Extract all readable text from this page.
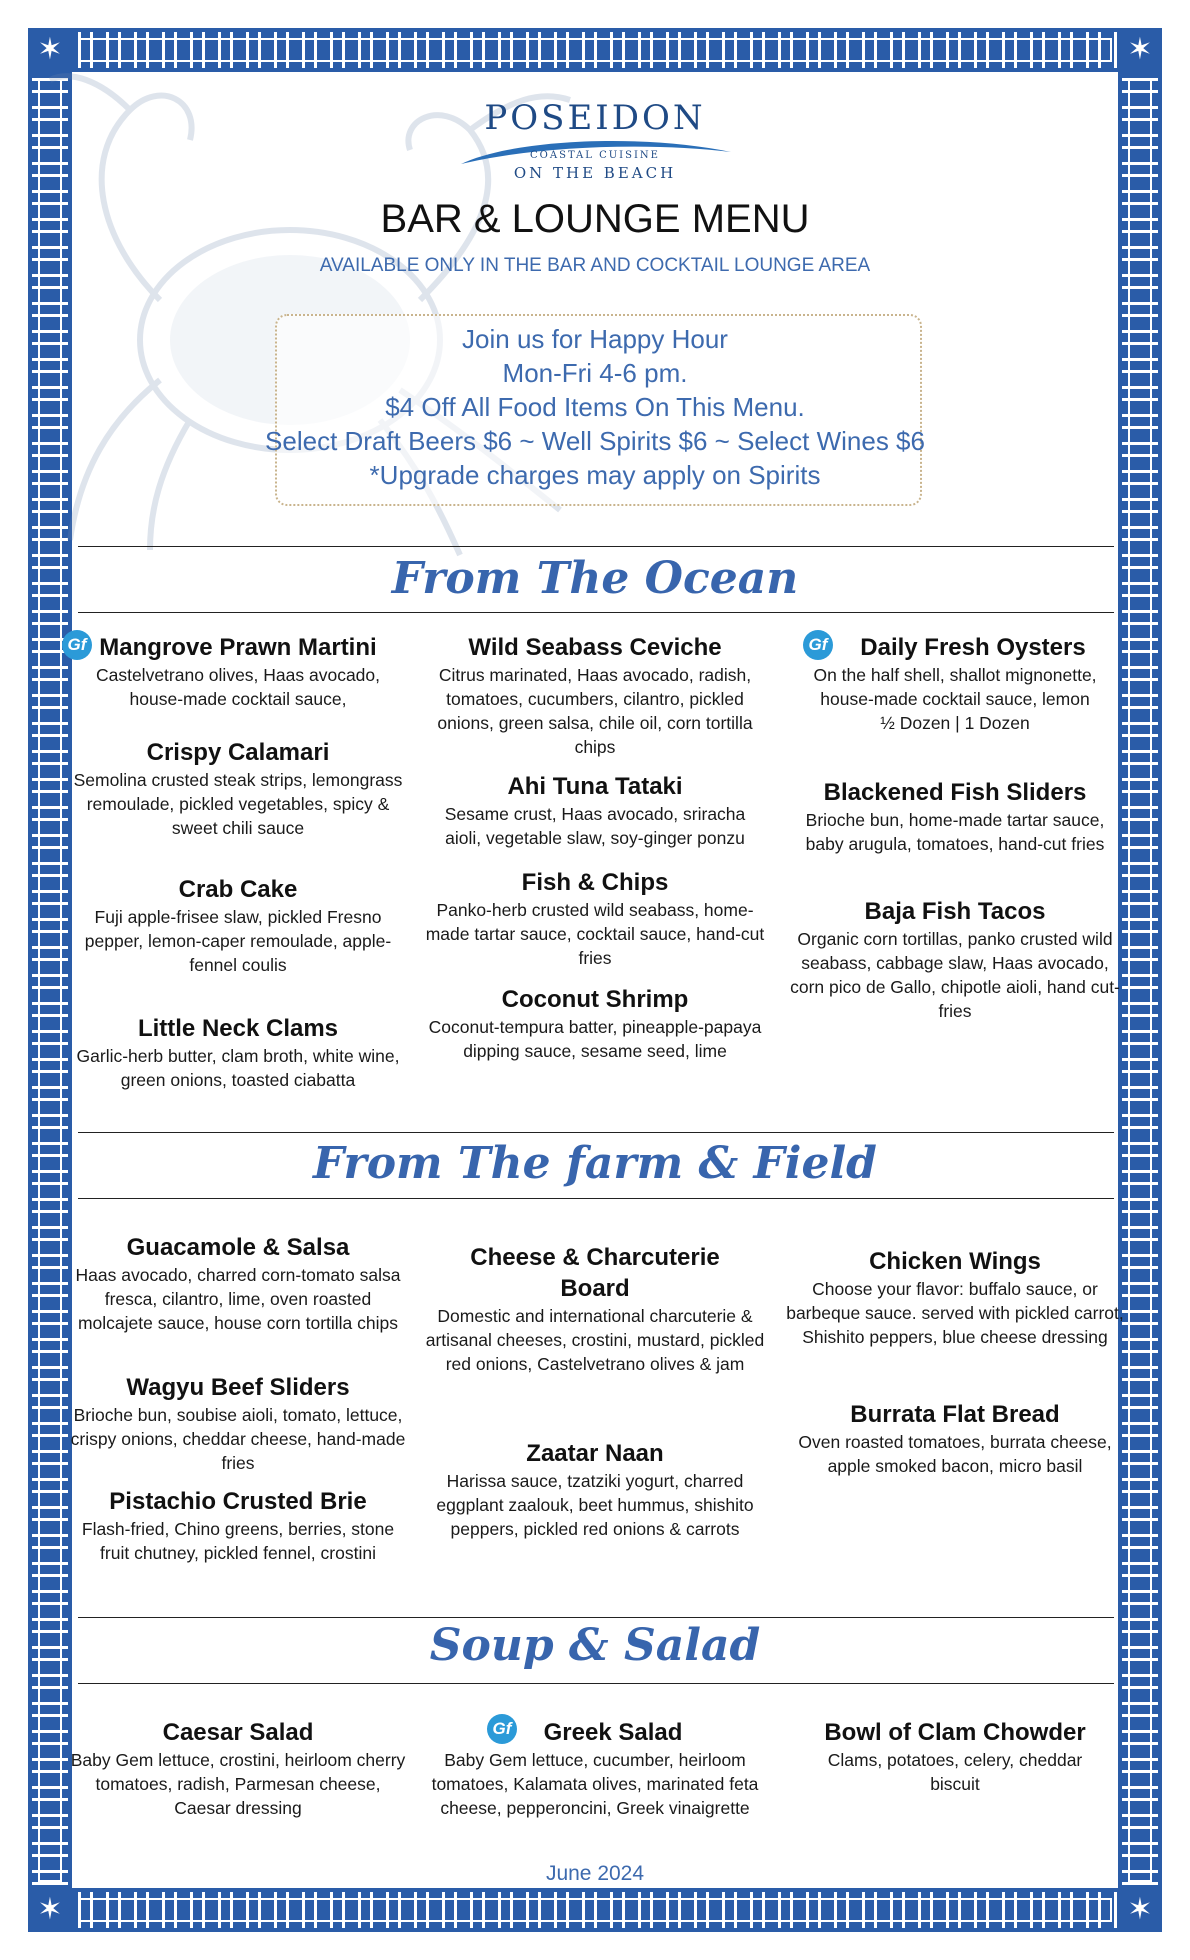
✶	✶
✶	✶
POSEIDON
COASTAL CUISINE
ON THE BEACH
BAR & LOUNGE MENU
AVAILABLE ONLY IN THE BAR AND COCKTAIL LOUNGE AREA
Join us for Happy Hour
Mon-Fri 4-6 pm.
$4 Off All Food Items On This Menu.
Select Draft Beers $6 ~ Well Spirits $6 ~ Select Wines $6
*Upgrade charges may apply on Spirits
From The Ocean
Gf Mangrove Prawn Martini
Castelvetrano olives, Haas avocado, house-made cocktail sauce,
Crispy Calamari
Semolina crusted steak strips, lemongrass remoulade, pickled vegetables, spicy & sweet chili sauce
Crab Cake
Fuji apple-frisee slaw, pickled Fresno pepper, lemon-caper remoulade, apple-fennel coulis
Little Neck Clams
Garlic-herb butter, clam broth, white wine, green onions, toasted ciabatta
Wild Seabass Ceviche
Citrus marinated, Haas avocado, radish, tomatoes, cucumbers, cilantro, pickled onions, green salsa, chile oil, corn tortilla chips
Ahi Tuna Tataki
Sesame crust, Haas avocado, sriracha aioli, vegetable slaw, soy-ginger ponzu
Fish & Chips
Panko-herb crusted wild seabass, home-made tartar sauce, cocktail sauce, hand-cut fries
Coconut Shrimp
Coconut-tempura batter, pineapple-papaya dipping sauce, sesame seed, lime
Gf	Daily Fresh Oysters
On the half shell, shallot mignonette, house-made cocktail sauce, lemon
½ Dozen | 1 Dozen
Blackened Fish Sliders
Brioche bun, home-made tartar sauce, baby arugula, tomatoes, hand-cut fries
Baja Fish Tacos
Organic corn tortillas, panko crusted wild seabass, cabbage slaw, Haas avocado, corn pico de Gallo, chipotle aioli, hand cut-fries
From The farm & Field
Guacamole & Salsa
Haas avocado, charred corn-tomato salsa fresca, cilantro, lime, oven roasted molcajete sauce, house corn tortilla chips
Wagyu Beef Sliders
Brioche bun, soubise aioli, tomato, lettuce, crispy onions, cheddar cheese, hand-made fries
Pistachio Crusted Brie
Flash-fried, Chino greens, berries, stone fruit chutney, pickled fennel, crostini
Cheese & Charcuterie Board
Domestic and international charcuterie & artisanal cheeses, crostini, mustard, pickled red onions, Castelvetrano olives & jam
Zaatar Naan
Harissa sauce, tzatziki yogurt, charred eggplant zaalouk, beet hummus, shishito peppers, pickled red onions & carrots
Chicken Wings
Choose your flavor: buffalo sauce, or barbeque sauce. served with pickled carrot, Shishito peppers, blue cheese dressing
Burrata Flat Bread
Oven roasted tomatoes, burrata cheese, apple smoked bacon, micro basil
Soup & Salad
Caesar Salad
Baby Gem lettuce, crostini, heirloom cherry tomatoes, radish, Parmesan cheese, Caesar dressing
Gf	Greek Salad
Baby Gem lettuce, cucumber, heirloom tomatoes, Kalamata olives, marinated feta cheese, pepperoncini, Greek vinaigrette
Bowl of Clam Chowder
Clams, potatoes, celery, cheddar biscuit
June 2024
